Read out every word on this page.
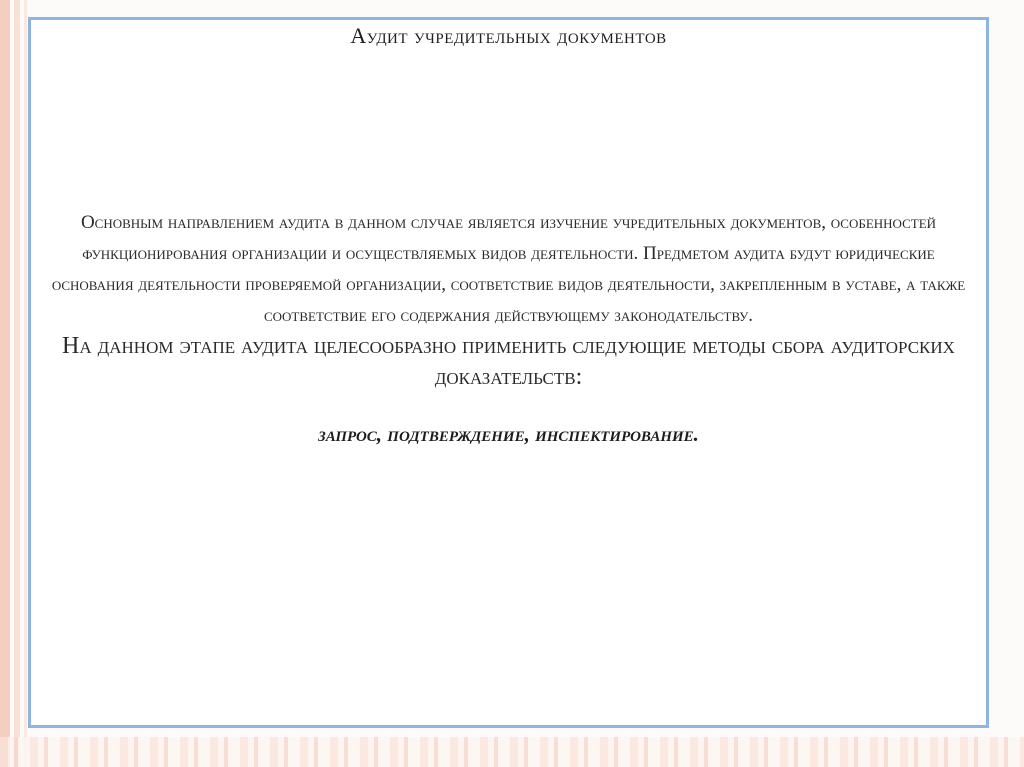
Аудит учредительных документов

Основным направлением аудита в данном случае является изучение учредительных документов, особенностей функционирования организации и осуществляемых видов деятельности. Предметом аудита будут юридические основания деятельности проверяемой организации, соответствие видов деятельности, закрепленным в уставе, а также соответствие его содержания действующему законодательству.

На данном этапе аудита целесообразно применить следующие методы сбора аудиторских доказательств:

запрос, подтверждение, инспектирование.
